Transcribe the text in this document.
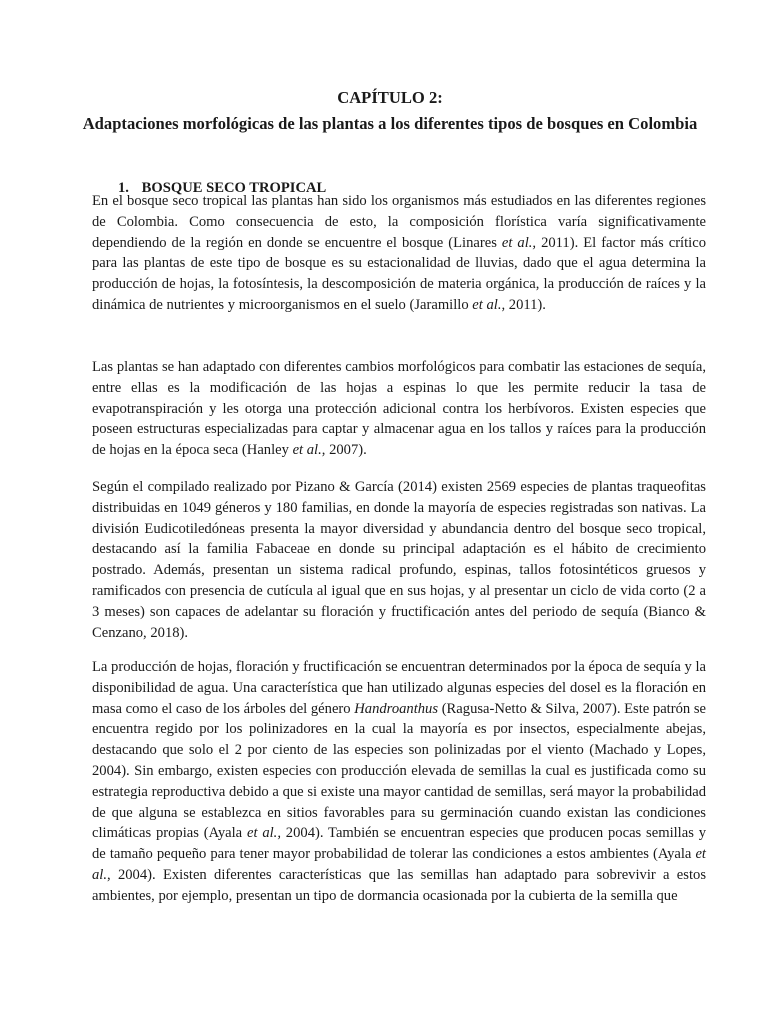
CAPÍTULO 2:
Adaptaciones morfológicas de las plantas a los diferentes tipos de bosques en Colombia
1. BOSQUE SECO TROPICAL

En el bosque seco tropical las plantas han sido los organismos más estudiados en las diferentes regiones de Colombia. Como consecuencia de esto, la composición florística varía significativamente dependiendo de la región en donde se encuentre el bosque (Linares et al., 2011). El factor más crítico para las plantas de este tipo de bosque es su estacionalidad de lluvias, dado que el agua determina la producción de hojas, la fotosíntesis, la descomposición de materia orgánica, la producción de raíces y la dinámica de nutrientes y microorganismos en el suelo (Jaramillo et al., 2011).

Las plantas se han adaptado con diferentes cambios morfológicos para combatir las estaciones de sequía, entre ellas es la modificación de las hojas a espinas lo que les permite reducir la tasa de evapotranspiración y les otorga una protección adicional contra los herbívoros. Existen especies que poseen estructuras especializadas para captar y almacenar agua en los tallos y raíces para la producción de hojas en la época seca (Hanley et al., 2007).

Según el compilado realizado por Pizano & García (2014) existen 2569 especies de plantas traqueofitas distribuidas en 1049 géneros y 180 familias, en donde la mayoría de especies registradas son nativas. La división Eudicotiledóneas presenta la mayor diversidad y abundancia dentro del bosque seco tropical, destacando así la familia Fabaceae en donde su principal adaptación es el hábito de crecimiento postrado. Además, presentan un sistema radical profundo, espinas, tallos fotosintéticos gruesos y ramificados con presencia de cutícula al igual que en sus hojas, y al presentar un ciclo de vida corto (2 a 3 meses) son capaces de adelantar su floración y fructificación antes del periodo de sequía (Bianco & Cenzano, 2018).

La producción de hojas, floración y fructificación se encuentran determinados por la época de sequía y la disponibilidad de agua. Una característica que han utilizado algunas especies del dosel es la floración en masa como el caso de los árboles del género Handroanthus (Ragusa-Netto & Silva, 2007). Este patrón se encuentra regido por los polinizadores en la cual la mayoría es por insectos, especialmente abejas, destacando que solo el 2 por ciento de las especies son polinizadas por el viento (Machado y Lopes, 2004). Sin embargo, existen especies con producción elevada de semillas la cual es justificada como su estrategia reproductiva debido a que si existe una mayor cantidad de semillas, será mayor la probabilidad de que alguna se establezca en sitios favorables para su germinación cuando existan las condiciones climáticas propias (Ayala et al., 2004). También se encuentran especies que producen pocas semillas y de tamaño pequeño para tener mayor probabilidad de tolerar las condiciones a estos ambientes (Ayala et al., 2004). Existen diferentes características que las semillas han adaptado para sobrevivir a estos ambientes, por ejemplo, presentan un tipo de dormancia ocasionada por la cubierta de la semilla que
